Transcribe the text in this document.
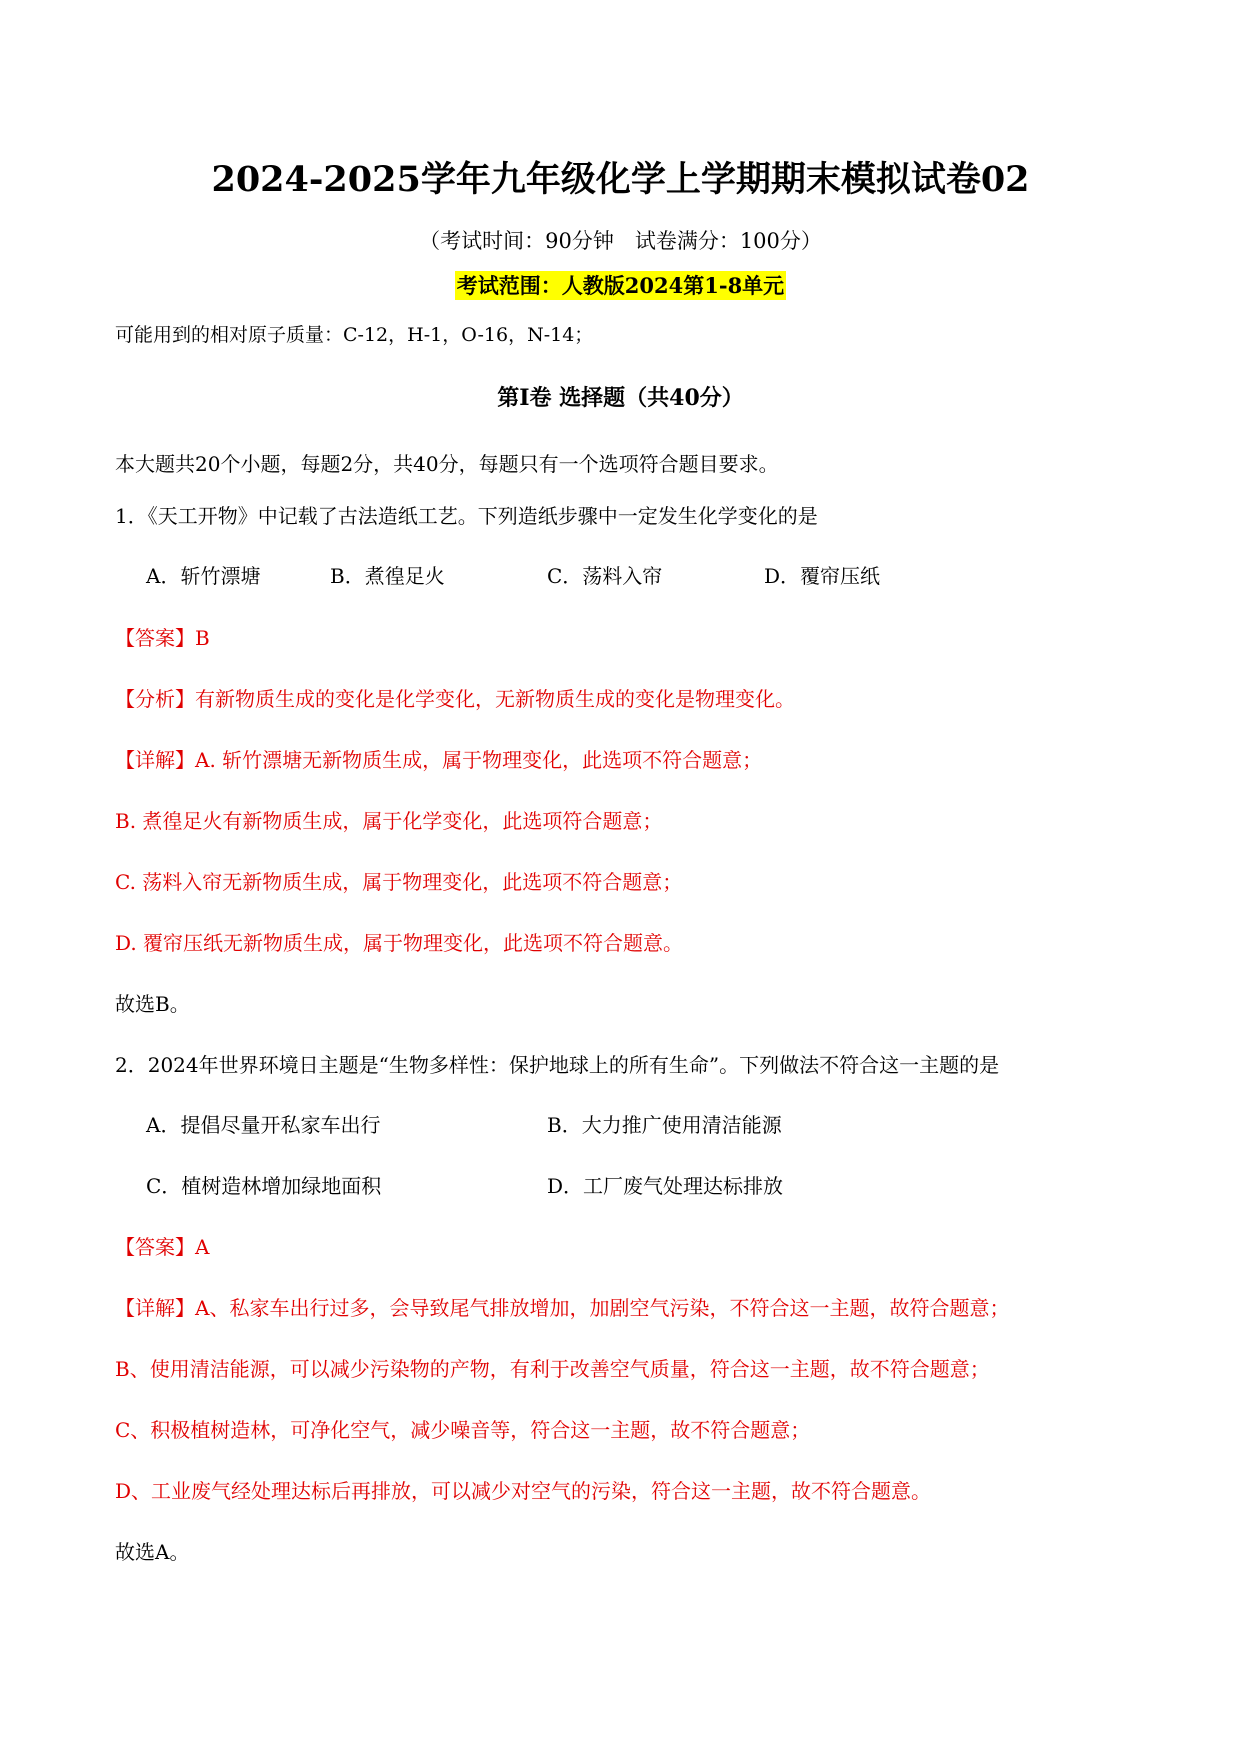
2024-2025学年九年级化学上学期期末模拟试卷02
（考试时间：90分钟　试卷满分：100分）
考试范围：人教版2024第1-8单元
可能用到的相对原子质量：C-12，H-1，O-16，N-14；
第I卷 选择题（共40分）
本大题共20个小题，每题2分，共40分，每题只有一个选项符合题目要求。
1．《天工开物》中记载了古法造纸工艺。下列造纸步骤中一定发生化学变化的是
A．斩竹漂塘	B．煮徨足火	C．荡料入帘	D．覆帘压纸
【答案】B
【分析】有新物质生成的变化是化学变化，无新物质生成的变化是物理变化。
【详解】A. 斩竹漂塘无新物质生成，属于物理变化，此选项不符合题意；
B. 煮徨足火有新物质生成，属于化学变化，此选项符合题意；
C. 荡料入帘无新物质生成，属于物理变化，此选项不符合题意；
D. 覆帘压纸无新物质生成，属于物理变化，此选项不符合题意。
故选B。
2．2024年世界环境日主题是“生物多样性：保护地球上的所有生命”。下列做法不符合这一主题的是
A．提倡尽量开私家车出行	B．大力推广使用清洁能源
C．植树造林增加绿地面积	D．工厂废气处理达标排放
【答案】A
【详解】A、私家车出行过多，会导致尾气排放增加，加剧空气污染，不符合这一主题，故符合题意；
B、使用清洁能源，可以减少污染物的产物，有利于改善空气质量，符合这一主题，故不符合题意；
C、积极植树造林，可净化空气，减少噪音等，符合这一主题，故不符合题意；
D、工业废气经处理达标后再排放，可以减少对空气的污染，符合这一主题，故不符合题意。
故选A。
